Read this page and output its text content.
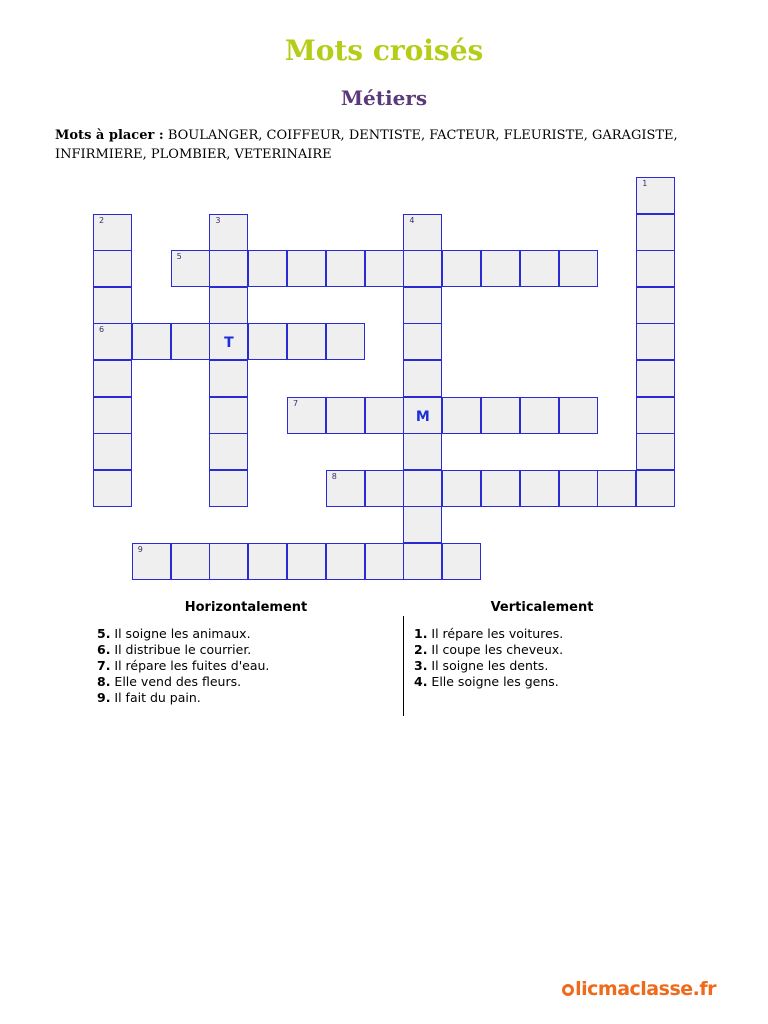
Mots croisés
Métiers
Mots à placer : BOULANGER, COIFFEUR, DENTISTE, FACTEUR, FLEURISTE, GARAGISTE, INFIRMIERE, PLOMBIER, VETERINAIRE
1
2
6
3
T
4
M
5
7
8
9
Horizontalement	Verticalement
5. Il soigne les animaux.
6. Il distribue le courrier.
7. Il répare les fuites d'eau.
8. Elle vend des fleurs.
9. Il fait du pain.
1. Il répare les voitures.
2. Il coupe les cheveux.
3. Il soigne les dents.
4. Elle soigne les gens.
licmaclasse.fr
